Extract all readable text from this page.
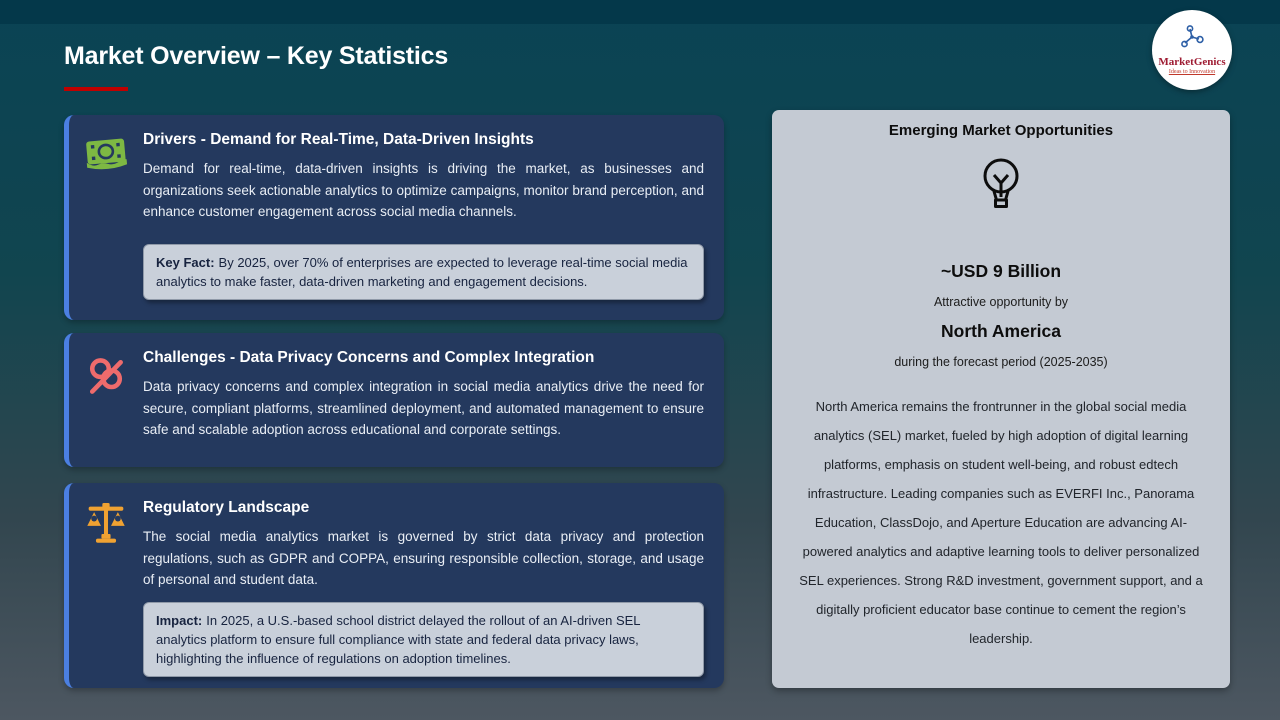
Market Overview – Key Statistics	MarketGenics
Ideas to Innovation
Drivers - Demand for Real-Time, Data-Driven Insights
Demand for real-time, data-driven insights is driving the market, as businesses and organizations seek actionable analytics to optimize campaigns, monitor brand perception, and enhance customer engagement across social media channels.
Key Fact: By 2025, over 70% of enterprises are expected to leverage real-time social media analytics to make faster, data-driven marketing and engagement decisions.
Challenges - Data Privacy Concerns and Complex Integration
Data privacy concerns and complex integration in social media analytics drive the need for secure, compliant platforms, streamlined deployment, and automated management to ensure safe and scalable adoption across educational and corporate settings.
Regulatory Landscape
The social media analytics market is governed by strict data privacy and protection regulations, such as GDPR and COPPA, ensuring responsible collection, storage, and usage of personal and student data.
Impact: In 2025, a U.S.-based school district delayed the rollout of an AI-driven SEL analytics platform to ensure full compliance with state and federal data privacy laws, highlighting the influence of regulations on adoption timelines.
Emerging Market Opportunities
~USD 9 Billion
Attractive opportunity by
North America
during the forecast period (2025-2035)
North America remains the frontrunner in the global social media analytics (SEL) market, fueled by high adoption of digital learning platforms, emphasis on student well-being, and robust edtech infrastructure. Leading companies such as EVERFI Inc., Panorama Education, ClassDojo, and Aperture Education are advancing AI-powered analytics and adaptive learning tools to deliver personalized SEL experiences. Strong R&D investment, government support, and a digitally proficient educator base continue to cement the region’s leadership.
